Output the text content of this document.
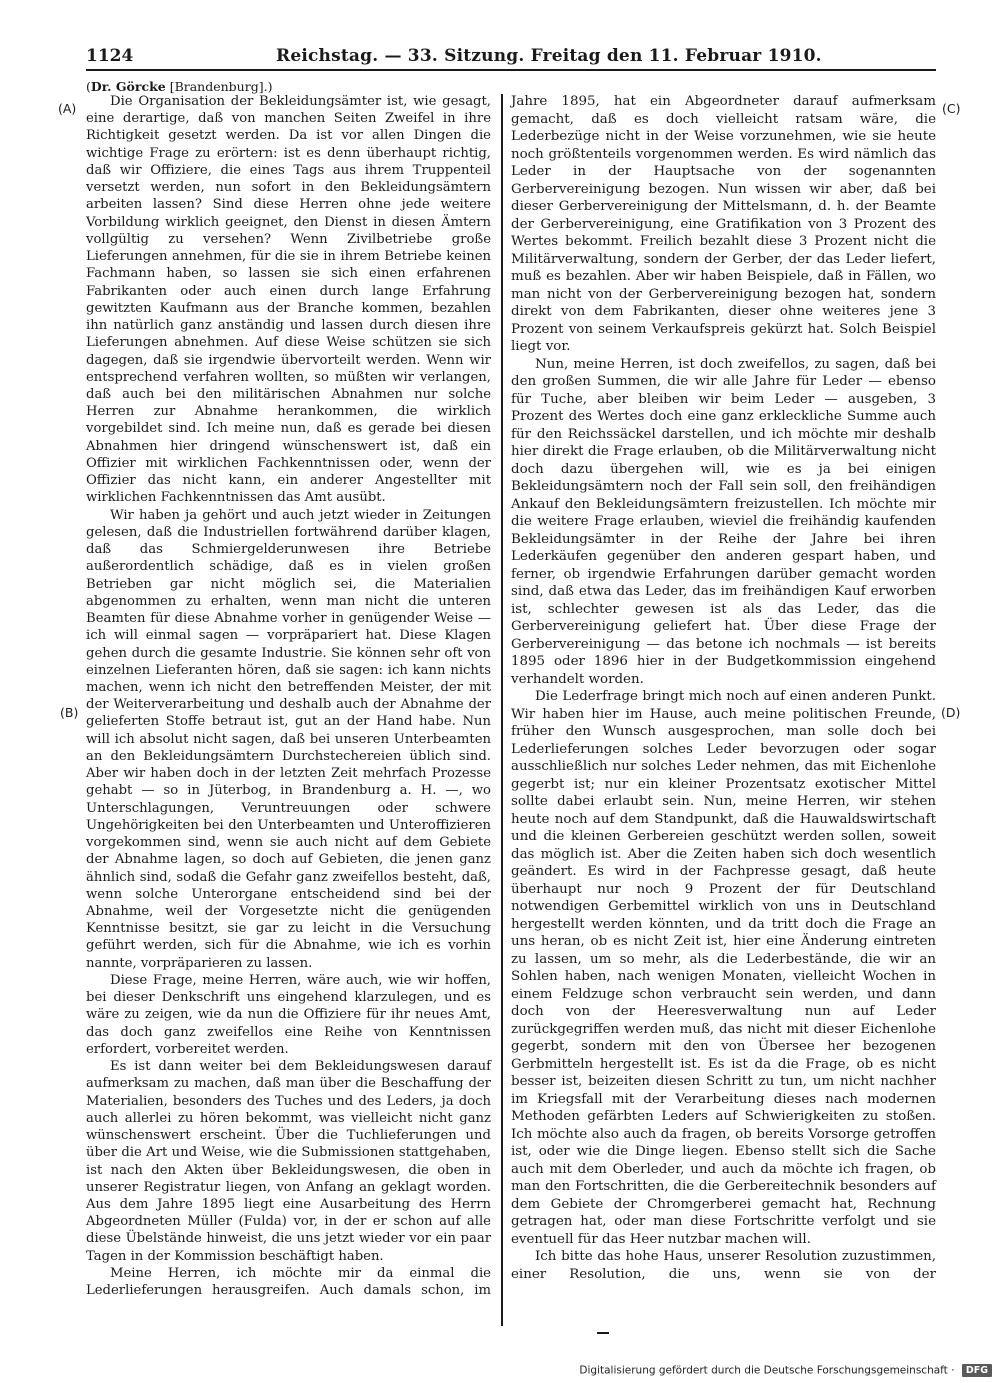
1124	Reichstag. — 33. Sitzung. Freitag den 11. Februar 1910.
(Dr. Görcke [Brandenburg].)
(A)
(B)
(C)
(D)

Die Organisation der Bekleidungsämter ist, wie gesagt, eine derartige, daß von manchen Seiten Zweifel in ihre Richtigkeit gesetzt werden. Da ist vor allen Dingen die wichtige Frage zu erörtern: ist es denn überhaupt richtig, daß wir Offiziere, die eines Tags aus ihrem Truppenteil versetzt werden, nun sofort in den Bekleidungsämtern arbeiten lassen? Sind diese Herren ohne jede weitere Vorbildung wirklich geeignet, den Dienst in diesen Ämtern vollgültig zu versehen? Wenn Zivilbetriebe große Lieferungen annehmen, für die sie in ihrem Betriebe keinen Fachmann haben, so lassen sie sich einen erfahrenen Fabrikanten oder auch einen durch lange Erfahrung gewitzten Kaufmann aus der Branche kommen, bezahlen ihn natürlich ganz anständig und lassen durch diesen ihre Lieferungen abnehmen. Auf diese Weise schützen sie sich dagegen, daß sie irgendwie übervorteilt werden. Wenn wir entsprechend verfahren wollten, so müßten wir verlangen, daß auch bei den militärischen Abnahmen nur solche Herren zur Abnahme herankommen, die wirklich vorgebildet sind. Ich meine nun, daß es gerade bei diesen Abnahmen hier dringend wünschenswert ist, daß ein Offizier mit wirklichen Fachkenntnissen oder, wenn der Offizier das nicht kann, ein anderer Angestellter mit wirklichen Fachkenntnissen das Amt ausübt.

Wir haben ja gehört und auch jetzt wieder in Zeitungen gelesen, daß die Industriellen fortwährend darüber klagen, daß das Schmiergelderunwesen ihre Betriebe außerordentlich schädige, daß es in vielen großen Betrieben gar nicht möglich sei, die Materialien abgenommen zu erhalten, wenn man nicht die unteren Beamten für diese Abnahme vorher in genügender Weise — ich will einmal sagen — vorpräpariert hat. Diese Klagen gehen durch die gesamte Industrie. Sie können sehr oft von einzelnen Lieferanten hören, daß sie sagen: ich kann nichts machen, wenn ich nicht den betreffenden Meister, der mit der Weiterverarbeitung und deshalb auch der Abnahme der gelieferten Stoffe betraut ist, gut an der Hand habe. Nun will ich absolut nicht sagen, daß bei unseren Unterbeamten an den Bekleidungsämtern Durchstechereien üblich sind. Aber wir haben doch in der letzten Zeit mehrfach Prozesse gehabt — so in Jüterbog, in Brandenburg a. H. —, wo Unterschlagungen, Veruntreuungen oder schwere Ungehörigkeiten bei den Unterbeamten und Unteroffizieren vorgekommen sind, wenn sie auch nicht auf dem Gebiete der Abnahme lagen, so doch auf Gebieten, die jenen ganz ähnlich sind, sodaß die Gefahr ganz zweifellos besteht, daß, wenn solche Unterorgane entscheidend sind bei der Abnahme, weil der Vorgesetzte nicht die genügenden Kenntnisse besitzt, sie gar zu leicht in die Versuchung geführt werden, sich für die Abnahme, wie ich es vorhin nannte, vorpräparieren zu lassen.

Diese Frage, meine Herren, wäre auch, wie wir hoffen, bei dieser Denkschrift uns eingehend klarzulegen, und es wäre zu zeigen, wie da nun die Offiziere für ihr neues Amt, das doch ganz zweifellos eine Reihe von Kenntnissen erfordert, vorbereitet werden.

Es ist dann weiter bei dem Bekleidungswesen darauf aufmerksam zu machen, daß man über die Beschaffung der Materialien, besonders des Tuches und des Leders, ja doch auch allerlei zu hören bekommt, was vielleicht nicht ganz wünschenswert erscheint. Über die Tuchlieferungen und über die Art und Weise, wie die Submissionen stattgehaben, ist nach den Akten über Bekleidungswesen, die oben in unserer Registratur liegen, von Anfang an geklagt worden. Aus dem Jahre 1895 liegt eine Ausarbeitung des Herrn Abgeordneten Müller (Fulda) vor, in der er schon auf alle diese Übelstände hinweist, die uns jetzt wieder vor ein paar Tagen in der Kommission beschäftigt haben.

Meine Herren, ich möchte mir da einmal die Lederlieferungen herausgreifen. Auch damals schon, im

Jahre 1895, hat ein Abgeordneter darauf aufmerksam gemacht, daß es doch vielleicht ratsam wäre, die Lederbezüge nicht in der Weise vorzunehmen, wie sie heute noch größtenteils vorgenommen werden. Es wird nämlich das Leder in der Hauptsache von der sogenannten Gerbervereinigung bezogen. Nun wissen wir aber, daß bei dieser Gerbervereinigung der Mittelsmann, d. h. der Beamte der Gerbervereinigung, eine Gratifikation von 3 Prozent des Wertes bekommt. Freilich bezahlt diese 3 Prozent nicht die Militärverwaltung, sondern der Gerber, der das Leder liefert, muß es bezahlen. Aber wir haben Beispiele, daß in Fällen, wo man nicht von der Gerbervereinigung bezogen hat, sondern direkt von dem Fabrikanten, dieser ohne weiteres jene 3 Prozent von seinem Verkaufspreis gekürzt hat. Solch Beispiel liegt vor.

Nun, meine Herren, ist doch zweifellos, zu sagen, daß bei den großen Summen, die wir alle Jahre für Leder — ebenso für Tuche, aber bleiben wir beim Leder — ausgeben, 3 Prozent des Wertes doch eine ganz erkleckliche Summe auch für den Reichssäckel darstellen, und ich möchte mir deshalb hier direkt die Frage erlauben, ob die Militärverwaltung nicht doch dazu übergehen will, wie es ja bei einigen Bekleidungsämtern noch der Fall sein soll, den freihändigen Ankauf den Bekleidungsämtern freizustellen. Ich möchte mir die weitere Frage erlauben, wieviel die freihändig kaufenden Bekleidungsämter in der Reihe der Jahre bei ihren Lederkäufen gegenüber den anderen gespart haben, und ferner, ob irgendwie Erfahrungen darüber gemacht worden sind, daß etwa das Leder, das im freihändigen Kauf erworben ist, schlechter gewesen ist als das Leder, das die Gerbervereinigung geliefert hat. Über diese Frage der Gerbervereinigung — das betone ich nochmals — ist bereits 1895 oder 1896 hier in der Budgetkommission eingehend verhandelt worden.

Die Lederfrage bringt mich noch auf einen anderen Punkt. Wir haben hier im Hause, auch meine politischen Freunde, früher den Wunsch ausgesprochen, man solle doch bei Lederlieferungen solches Leder bevorzugen oder sogar ausschließlich nur solches Leder nehmen, das mit Eichenlohe gegerbt ist; nur ein kleiner Prozentsatz exotischer Mittel sollte dabei erlaubt sein. Nun, meine Herren, wir stehen heute noch auf dem Standpunkt, daß die Hauwaldswirtschaft und die kleinen Gerbereien geschützt werden sollen, soweit das möglich ist. Aber die Zeiten haben sich doch wesentlich geändert. Es wird in der Fachpresse gesagt, daß heute überhaupt nur noch 9 Prozent der für Deutschland notwendigen Gerbemittel wirklich von uns in Deutschland hergestellt werden könnten, und da tritt doch die Frage an uns heran, ob es nicht Zeit ist, hier eine Änderung eintreten zu lassen, um so mehr, als die Lederbestände, die wir an Sohlen haben, nach wenigen Monaten, vielleicht Wochen in einem Feldzuge schon verbraucht sein werden, und dann doch von der Heeresverwaltung nun auf Leder zurückgegriffen werden muß, das nicht mit dieser Eichenlohe gegerbt, sondern mit den von Übersee her bezogenen Gerbmitteln hergestellt ist. Es ist da die Frage, ob es nicht besser ist, beizeiten diesen Schritt zu tun, um nicht nachher im Kriegsfall mit der Verarbeitung dieses nach modernen Methoden gefärbten Leders auf Schwierigkeiten zu stoßen. Ich möchte also auch da fragen, ob bereits Vorsorge getroffen ist, oder wie die Dinge liegen. Ebenso stellt sich die Sache auch mit dem Oberleder, und auch da möchte ich fragen, ob man den Fortschritten, die die Gerbereitechnik besonders auf dem Gebiete der Chromgerberei gemacht hat, Rechnung getragen hat, oder man diese Fortschritte verfolgt und sie eventuell für das Heer nutzbar machen will.

Ich bitte das hohe Haus, unserer Resolution zuzustimmen, einer Resolution, die uns, wenn sie von der

Digitalisierung gefördert durch die Deutsche Forschungsgemeinschaft · DFG
